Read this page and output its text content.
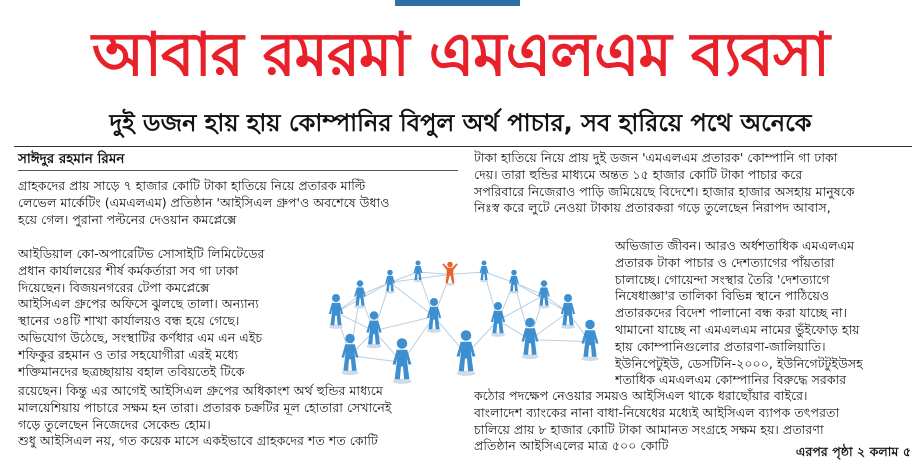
আবার রমরমা এমএলএম ব্যবসা
দুই ডজন হায় হায় কোম্পানির বিপুল অর্থ পাচার, সব হারিয়ে পথে অনেকে
সাঈদুর রহমান রিমন

গ্রাহকদের প্রায় সাড়ে ৭ হাজার কোটি টাকা হাতিয়ে নিয়ে প্রতারক মাল্টি
লেভেল মার্কেটিং (এমএলএম) প্রতিষ্ঠান 'আইসিএল গ্রুপ'ও অবশেষে উধাও
হয়ে গেল। পুরানা পল্টনের দেওয়ান কমপ্লেক্সে

আইডিয়াল কো-অপারেটিভ সোসাইটি লিমিটেডের
প্রধান কার্যালয়ের শীর্ষ কর্মকর্তারা সব গা ঢাকা
দিয়েছেন। বিজয়নগরের টেপা কমপ্লেক্সে
আইসিএল গ্রুপের অফিসে ঝুলছে তালা। অন্যান্য
স্থানের ৩৪টি শাখা কার্যালয়ও বন্ধ হয়ে গেছে।
অভিযোগ উঠেছে, সংস্থাটির কর্ণধার এম এন এইচ
শফিকুর রহমান ও তার সহযোগীরা এরই মধ্যে
শক্তিমানদের ছত্রচ্ছায়ায় বহাল তবিয়তেই টিকে

রয়েছেন। কিন্তু এর আগেই আইসিএল গ্রুপের অধিকাংশ অর্থ হুন্ডির মাধ্যমে
মালয়েশিয়ায় পাচারে সক্ষম হন তারা। প্রতারক চক্রটির মূল হোতারা সেখানেই
গড়ে তুলেছেন নিজেদের সেকেন্ড হোম।
শুধু আইসিএল নয়, গত কয়েক মাসে একইভাবে গ্রাহকদের শত শত কোটি

টাকা হাতিয়ে নিয়ে প্রায় দুই ডজন 'এমএলএম প্রতারক' কোম্পানি গা ঢাকা
দেয়। তারা হুন্ডির মাধ্যমে অন্তত ১৫ হাজার কোটি টাকা পাচার করে
সপরিবারে নিজেরাও পাড়ি জমিয়েছে বিদেশে। হাজার হাজার অসহায় মানুষকে
নিঃস্ব করে লুটে নেওয়া টাকায় প্রতারকরা গড়ে তুলেছেন নিরাপদ আবাস,

অভিজাত জীবন। আরও অর্ধশতাধিক এমএলএম
প্রতারক টাকা পাচার ও দেশত্যাগের পাঁয়তারা
চালাচ্ছে। গোয়েন্দা সংস্থার তৈরি 'দেশত্যাগে
নিষেধাজ্ঞা'র তালিকা বিভিন্ন স্থানে পাঠিয়েও
প্রতারকদের বিদেশ পালানো বন্ধ করা যাচ্ছে না।
থামানো যাচ্ছে না এমএলএম নামের ভুঁইফোড় হায়
হায় কোম্পানিগুলোর প্রতারণা-জালিয়াতি।
ইউনিপেটুইউ, ডেসটিনি-২০০০, ইউনিগেটটুইউসহ
শতাধিক এমএলএম কোম্পানির বিরুদ্ধে সরকার

কঠোর পদক্ষেপ নেওয়ার সময়ও আইসিএল থাকে ধরাছোঁয়ার বাইরে।
বাংলাদেশ ব্যাংকের নানা বাধা-নিষেধের মধ্যেই আইসিএল ব্যাপক তৎপরতা
চালিয়ে প্রায় ৮ হাজার কোটি টাকা আমানত সংগ্রহে সক্ষম হয়। প্রতারণা
প্রতিষ্ঠান আইসিএলের মাত্র ৫০০ কোটি	এরপর পৃষ্ঠা ২ কলাম ৫
